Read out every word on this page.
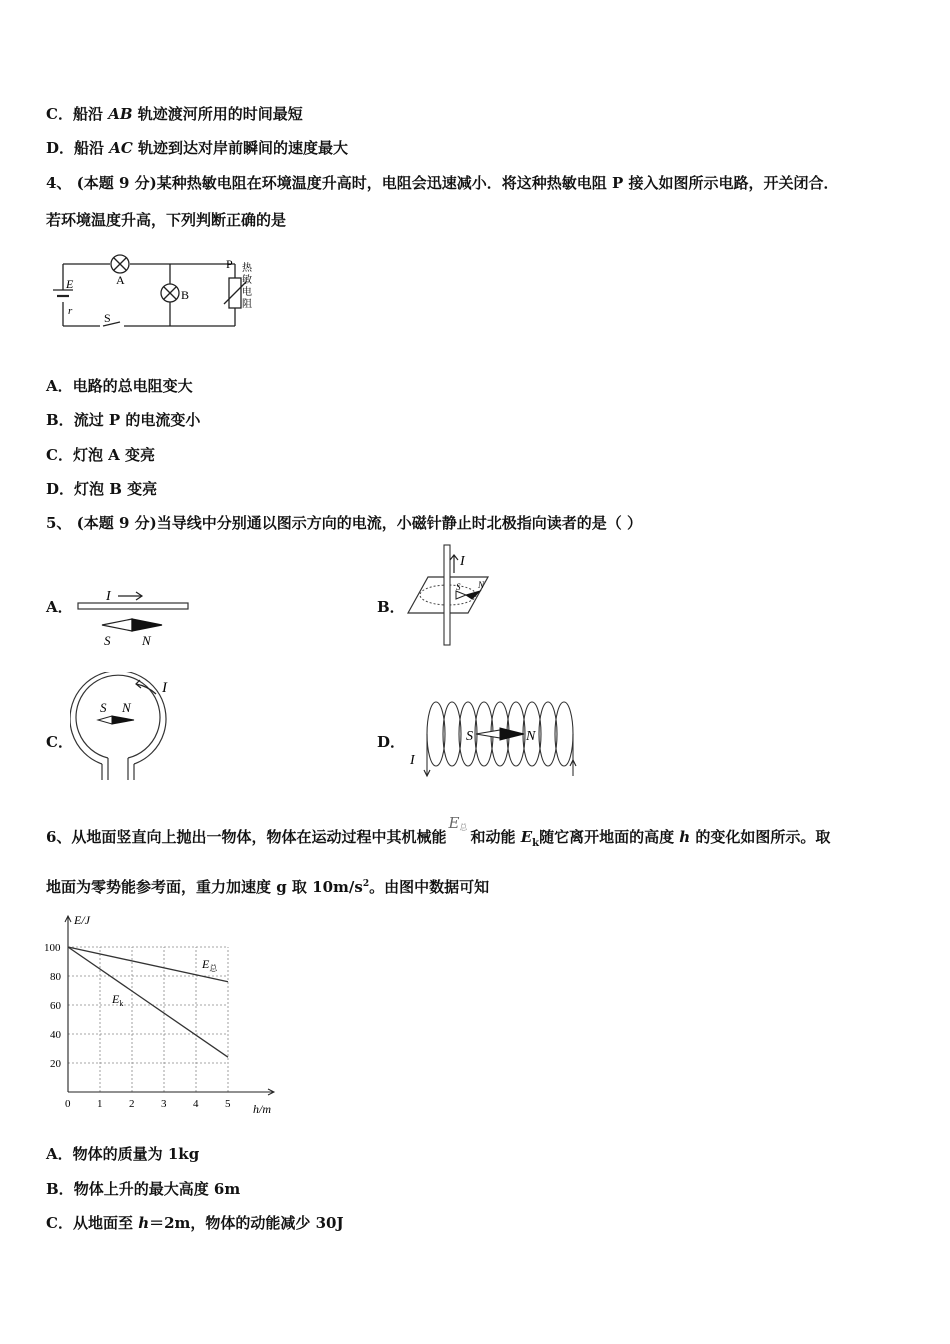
C．船沿 AB 轨迹渡河所用的时间最短
D．船沿 AC 轨迹到达对岸前瞬间的速度最大
4、 (本题 9 分)某种热敏电阻在环境温度升高时，电阻会迅速减小．将这种热敏电阻 P 接入如图所示电路，开关闭合．
若环境温度升高，下列判断正确的是
A
B
E
r	S
P 热
敏
电
阻
A．电路的总电阻变大
B．流过 P 的电流变小
C．灯泡 A 变亮
D．灯泡 B 变亮
5、 (本题 9 分)当导线中分别通以图示方向的电流，小磁针静止时北极指向读者的是（ ）
A．
I
S N
B．
I
S N
C．
I
S N
D．
I
S	N
6、从地面竖直向上抛出一物体，物体在运动过程中其机械能
E 总
和动能 $E_k$随它离开地面的高度 h 的变化如图所示。取
地面为零势能参考面，重力加速度 g 取 $10m/s^2$。由图中数据可知
0 1 2 3 4 5
20
40
60
80
100
E/J
h/m
$E_总$
$E_k$
A．物体的质量为 1kg
B．物体上升的最大高度 6m
C．从地面至 h＝2m，物体的动能减少 30J
